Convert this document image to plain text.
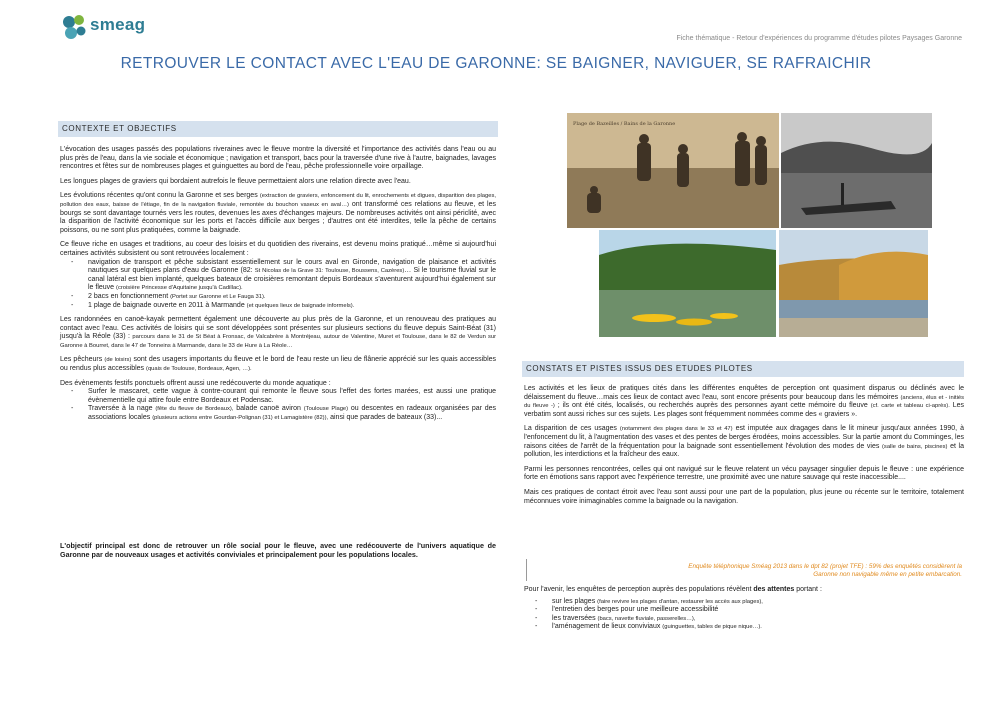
smeag
Fiche thématique - Retour d'expériences du programme d'études pilotes Paysages Garonne
RETROUVER LE CONTACT AVEC L'EAU DE GARONNE: SE BAIGNER, NAVIGUER, SE RAFRAICHIR
CONTEXTE ET OBJECTIFS

L'évocation des usages passés des populations riveraines avec le fleuve montre la diversité et l'importance des activités dans l'eau ou au plus près de l'eau, dans la vie sociale et économique ; navigation et transport, bacs pour la traversée d'une rive à l'autre, baignades, lavages rencontres et fêtes sur de nombreuses plages et guinguettes au bord de l'eau, pêche professionnelle voire orpaillage.

Les longues plages de graviers qui bordaient autrefois le fleuve permettaient alors une relation directe avec l'eau.

Les évolutions récentes qu'ont connu la Garonne et ses berges (extraction de graviers, enfoncement du lit, enrochements et digues, disparition des plages, pollution des eaux, baisse de l'étiage, fin de la navigation fluviale, remontée du bouchon vaseux en aval…) ont transformé ces relations au fleuve, et les bourgs se sont davantage tournés vers les routes, devenues les axes d'échanges majeurs. De nombreuses activités ont ainsi périclité, avec la disparition de l'activité économique sur les ports et l'accès difficile aux berges ; d'autres ont été interdites, telle la pêche de certains poissons, ou ne sont plus pratiquées, comme la baignade.

Ce fleuve riche en usages et traditions, au coeur des loisirs et du quotidien des riverains, est devenu moins pratiqué…même si aujourd'hui certaines activités subsistent ou sont retrouvées localement :

- navigation de transport et pêche subsistant essentiellement sur le cours aval en Gironde, navigation de plaisance et activités nautiques sur quelques plans d'eau de Garonne (82: St Nicolas de la Grave 31: Toulouse, Boussens, Cazères)… Si le tourisme fluvial sur le canal latéral est bien implanté, quelques bateaux de croisières remontant depuis Bordeaux s'aventurent aujourd'hui également sur le fleuve (croisière Princesse d'Aquitaine jusqu'à Cadillac).
- 2 bacs en fonctionnement (Portet sur Garonne et Le Fauga 31).
- 1 plage de baignade ouverte en 2011 à Marmande (et quelques lieux de baignade informels).

Les randonnées en canoë-kayak permettent également une découverte au plus près de la Garonne, et un renouveau des pratiques au contact avec l'eau. Ces activités de loisirs qui se sont développées sont présentes sur plusieurs sections du fleuve depuis Saint-Béat (31) jusqu'à la Réole (33) : parcours dans le 31 de St Béat à Fronsac, de Valcabrère à Montréjeau, autour de Valentine, Muret et Toulouse, dans le 82 de Verdun sur Garonne à Bourret, dans le 47 de Tonneins à Marmande, dans le 33 de Hure à La Réole…

Les pêcheurs (de loisirs) sont des usagers importants du fleuve et le bord de l'eau reste un lieu de flânerie apprécié sur les quais accessibles ou rendus plus accessibles (quais de Toulouse, Bordeaux, Agen, …).

Des évènements festifs ponctuels offrent aussi une redécouverte du monde aquatique :

- Surfer le mascaret, cette vague à contre-courant qui remonte le fleuve sous l'effet des fortes marées, est aussi une pratique évènementielle qui attire foule entre Bordeaux et Podensac.
- Traversée à la nage (fête du fleuve de Bordeaux), balade canoë aviron (Toulouse Plage) ou descentes en radeaux organisées par des associations locales (plusieurs actions entre Gourdan-Polignan (31) et Lamagistère (82)), ainsi que parades de bateaux (33)...
L'objectif principal est donc de retrouver un rôle social pour le fleuve, avec une redécouverte de l'univers aquatique de Garonne par de nouveaux usages et activités conviviales et principalement pour les populations locales.
Plage de Bazeilles / Bains de la Garonne
CONSTATS ET PISTES ISSUS DES ETUDES PILOTES

Les activités et les lieux de pratiques cités dans les différentes enquêtes de perception ont quasiment disparus ou déclinés avec le délaissement du fleuve…mais ces lieux de contact avec l'eau, sont encore présents pour beaucoup dans les mémoires (anciens, élus et - initiés du fleuve -) ; ils ont été cités, localisés, ou recherchés auprès des personnes ayant cette mémoire du fleuve (cf. carte et tableau ci-après). Les verbatim sont aussi riches sur ces sujets. Les plages sont fréquemment nommées comme des « graviers ».

La disparition de ces usages (notamment des plages dans le 33 et 47) est imputée aux dragages dans le lit mineur jusqu'aux années 1990, à l'enfoncement du lit, à l'augmentation des vases et des pentes de berges érodées, moins accessibles. Sur la partie amont du Comminges, les raisons citées de l'arrêt de la fréquentation pour la baignade sont essentiellement l'évolution des modes de vies (salle de bains, piscines) et la pollution, les interdictions et la fraîcheur des eaux.

Parmi les personnes rencontrées, celles qui ont navigué sur le fleuve relatent un vécu paysager singulier depuis le fleuve : une expérience forte en émotions sans rapport avec l'expérience terrestre, une proximité avec une nature sauvage qui reste inaccessible....

Mais ces pratiques de contact étroit avec l'eau sont aussi pour une part de la population, plus jeune ou récente sur le territoire, totalement méconnues voire inimaginables comme la baignade ou la navigation.

Enquête téléphonique Sméag 2013 dans le dpt 82 (projet TFE) : 59% des enquêtés considèrent la
Garonne non navigable même en petite embarcation.

Pour l'avenir, les enquêtes de perception auprès des populations révèlent des attentes portant :

- sur les plages (faire revivre les plages d'antan, restaurer les accès aux plages),
- l'entretien des berges pour une meilleure accessibilité
- les traversées (bacs, navette fluviale, passerelles…),
- l'aménagement de lieux conviviaux (guinguettes, tables de pique nique…).
